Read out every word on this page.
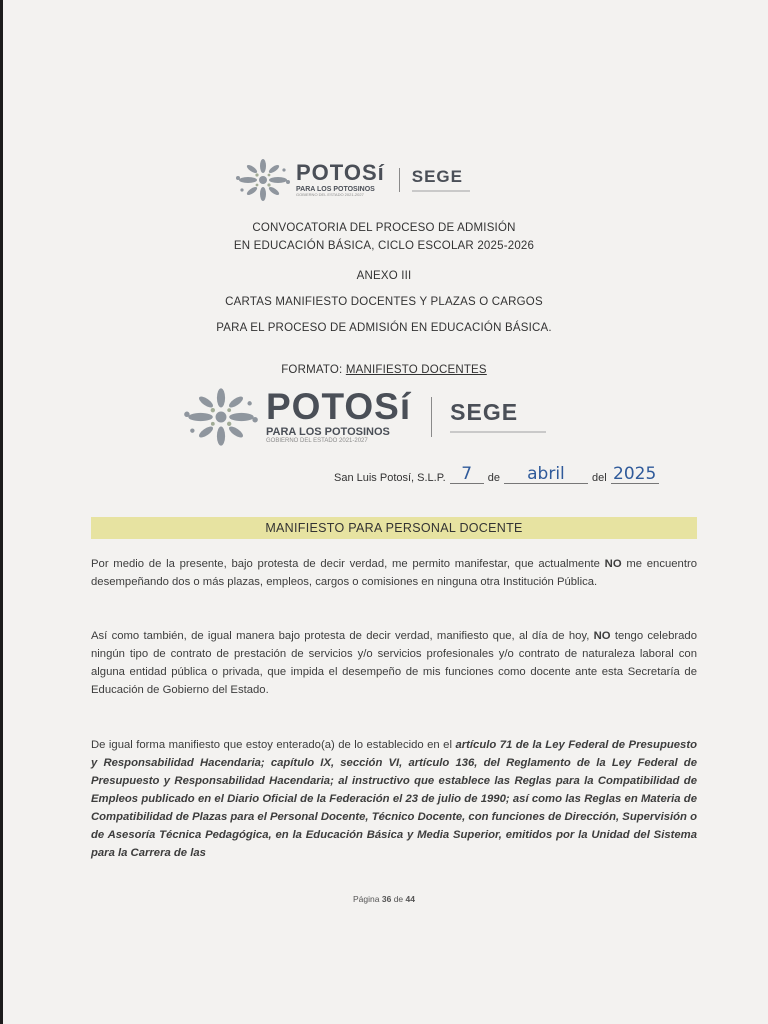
POTOSí
PARA LOS POTOSINOS
GOBIERNO DEL ESTADO 2021-2027
SEGE
CONVOCATORIA DEL PROCESO DE ADMISIÓN
EN EDUCACIÓN BÁSICA, CICLO ESCOLAR 2025-2026
ANEXO III
CARTAS MANIFIESTO DOCENTES Y PLAZAS O CARGOS
PARA EL PROCESO DE ADMISIÓN EN EDUCACIÓN BÁSICA.
FORMATO: MANIFIESTO DOCENTES
POTOSí
PARA LOS POTOSINOS
GOBIERNO DEL ESTADO 2021-2027
SEGE
San Luis Potosí, S.L.P. 7	de	abril	del 2025
MANIFIESTO PARA PERSONAL DOCENTE
Por medio de la presente, bajo protesta de decir verdad, me permito manifestar, que actualmente NO me encuentro desempeñando dos o más plazas, empleos, cargos o comisiones en ninguna otra Institución Pública.
Así como también, de igual manera bajo protesta de decir verdad, manifiesto que, al día de hoy, NO tengo celebrado ningún tipo de contrato de prestación de servicios y/o servicios profesionales y/o contrato de naturaleza laboral con alguna entidad pública o privada, que impida el desempeño de mis funciones como docente ante esta Secretaría de Educación de Gobierno del Estado.
De igual forma manifiesto que estoy enterado(a) de lo establecido en el artículo 71 de la Ley Federal de Presupuesto y Responsabilidad Hacendaria; capítulo IX, sección VI, artículo 136, del Reglamento de la Ley Federal de Presupuesto y Responsabilidad Hacendaria; al instructivo que establece las Reglas para la Compatibilidad de Empleos publicado en el Diario Oficial de la Federación el 23 de julio de 1990; así como las Reglas en Materia de Compatibilidad de Plazas para el Personal Docente, Técnico Docente, con funciones de Dirección, Supervisión o de Asesoría Técnica Pedagógica, en la Educación Básica y Media Superior, emitidos por la Unidad del Sistema para la Carrera de las
Página 36 de 44
